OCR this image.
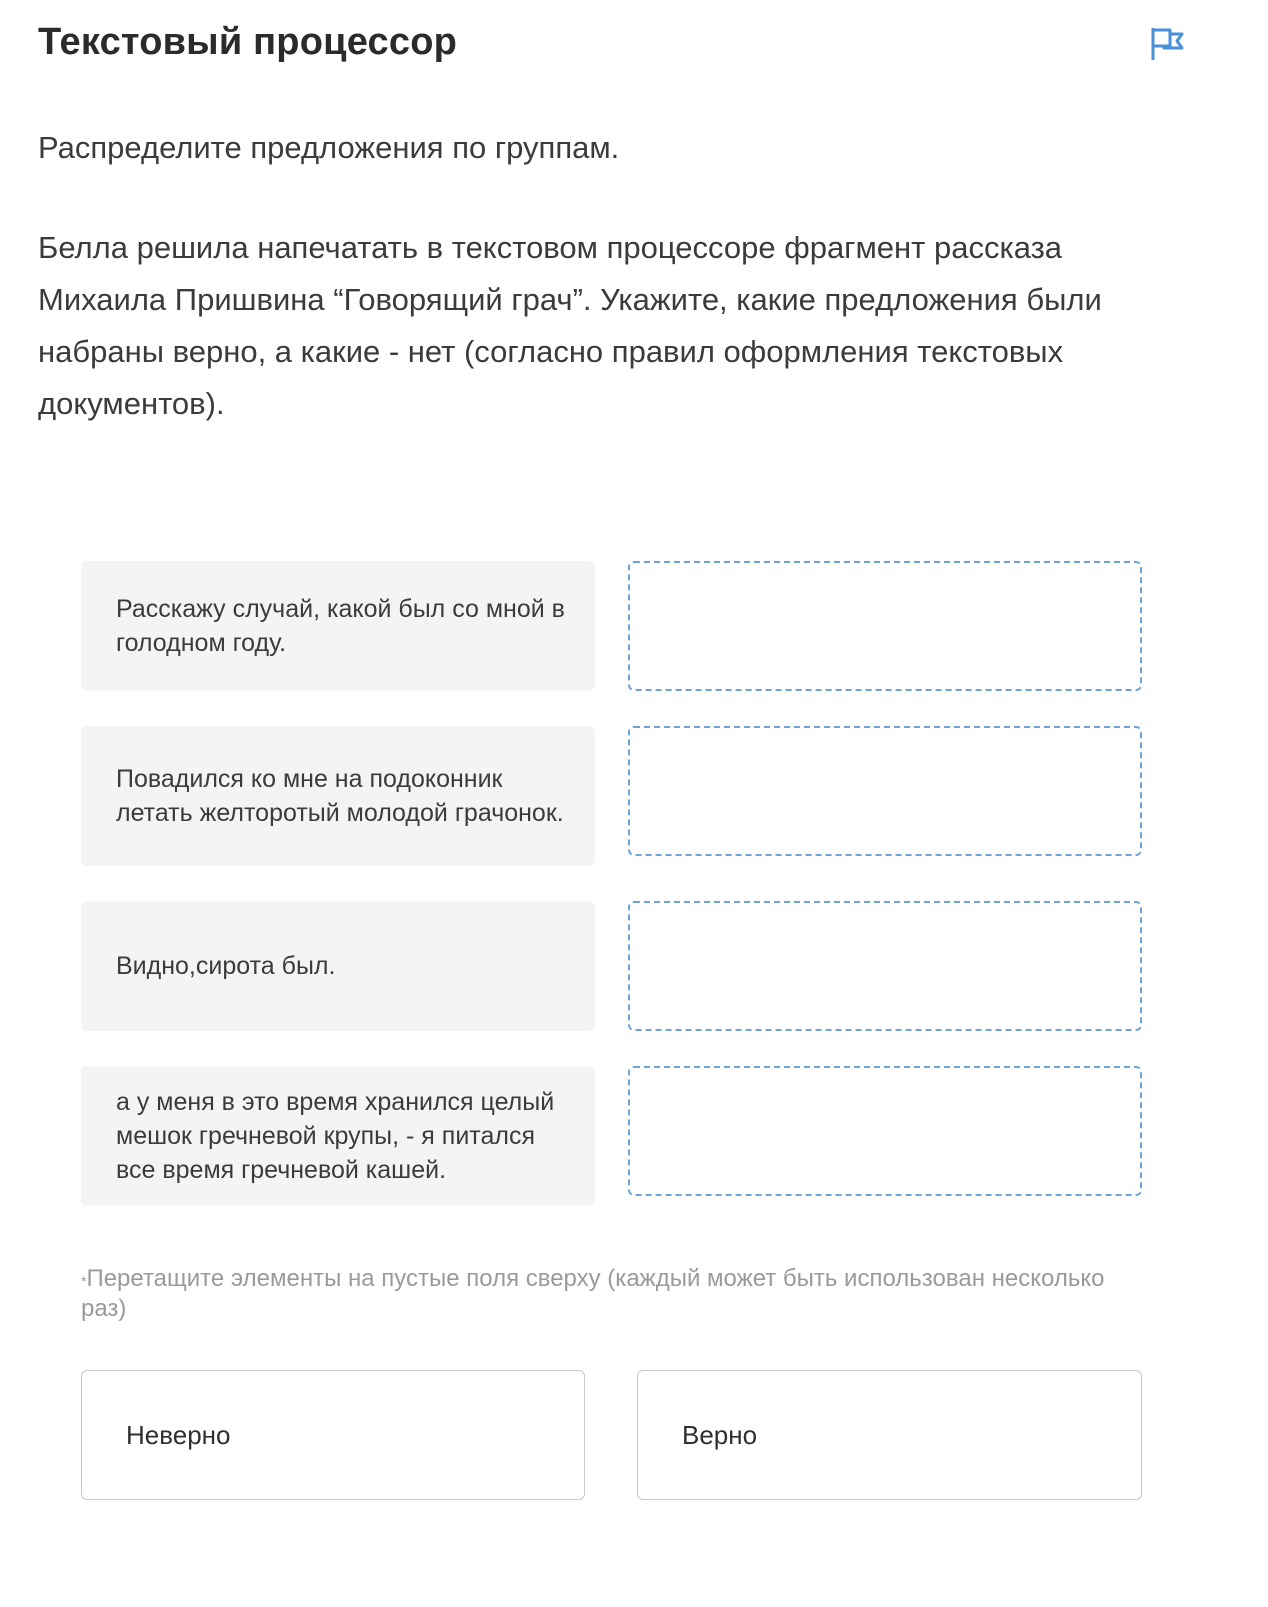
Текстовый процессор
Распределите предложения по группам.
Белла решила напечатать в текстовом процессоре фрагмент рассказа Михаила Пришвина “Говорящий грач”. Укажите, какие предложения были набраны верно, а какие - нет (согласно правил оформления текстовых документов).
Расскажу случай, какой был со мной в голодном году.
Повадился ко мне на подоконник летать желторотый молодой грачонок.
Видно,сирота был.
а у меня в это время хранился целый мешок гречневой крупы, - я питался все время гречневой кашей.
*Перетащите элементы на пустые поля сверху (каждый может быть использован несколько раз)
Неверно	Верно
